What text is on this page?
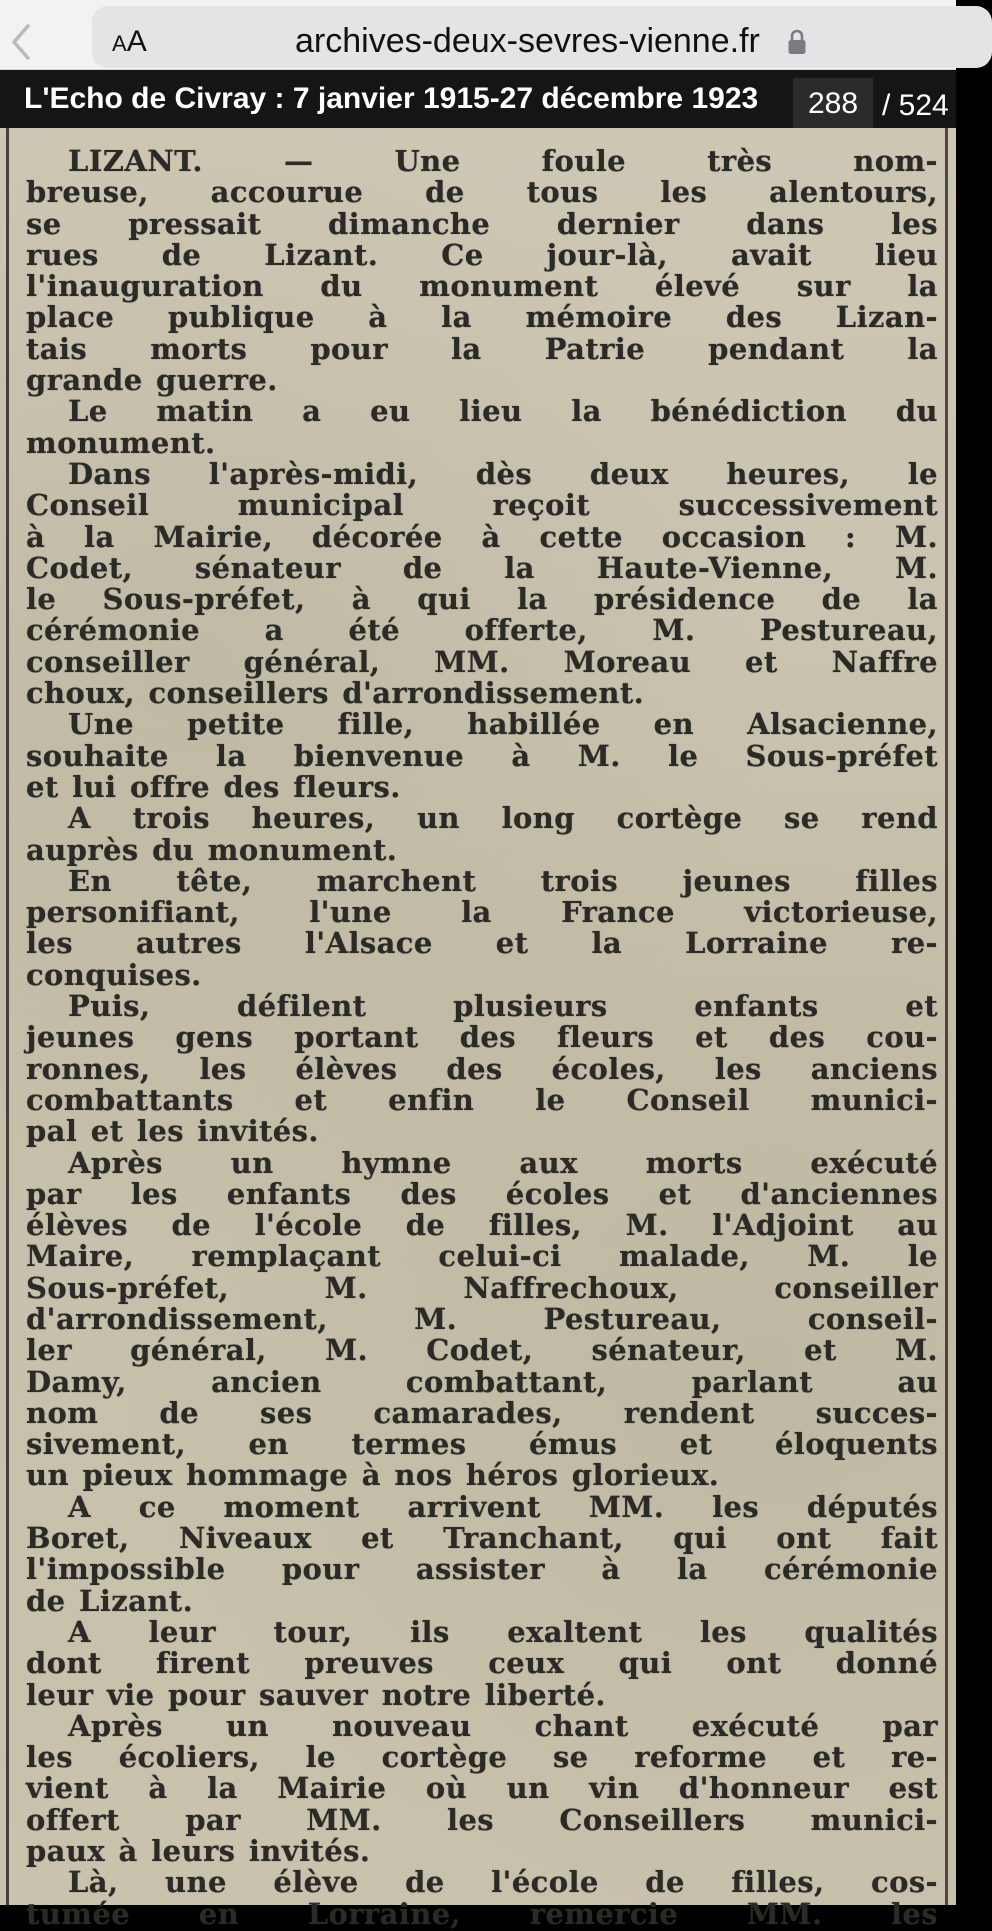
AA	archives-deux-sevres-vienne.fr
L'Echo de Civray : 7 janvier 1915-27 décembre 1923	288 / 524
LIZANT. — Une foule très nom-
breuse, accourue de tous les alentours,
se pressait dimanche dernier dans les
rues de Lizant. Ce jour-là, avait lieu
l'inauguration du monument élevé sur la
place publique à la mémoire des Lizan-
tais morts pour la Patrie pendant la
grande guerre.
Le matin a eu lieu la bénédiction du
monument.
Dans l'après-midi, dès deux heures, le
Conseil municipal reçoit successivement
à la Mairie, décorée à cette occasion : M.
Codet, sénateur de la Haute-Vienne, M.
le Sous-préfet, à qui la présidence de la
cérémonie a été offerte, M. Pestureau,
conseiller général, MM. Moreau et Naffre
choux, conseillers d'arrondissement.
Une petite fille, habillée en Alsacienne,
souhaite la bienvenue à M. le Sous-préfet
et lui offre des fleurs.
A trois heures, un long cortège se rend
auprès du monument.
En tête, marchent trois jeunes filles
personifiant, l'une la France victorieuse,
les autres l'Alsace et la Lorraine re-
conquises.
Puis, défilent plusieurs enfants et
jeunes gens portant des fleurs et des cou-
ronnes, les élèves des écoles, les anciens
combattants et enfin le Conseil munici-
pal et les invités.
Après un hymne aux morts exécuté
par les enfants des écoles et d'anciennes
élèves de l'école de filles, M. l'Adjoint au
Maire, remplaçant celui-ci malade, M. le
Sous-préfet, M. Naffrechoux, conseiller
d'arrondissement, M. Pestureau, conseil-
ler général, M. Codet, sénateur, et M.
Damy, ancien combattant, parlant au
nom de ses camarades, rendent succes-
sivement, en termes émus et éloquents
un pieux hommage à nos héros glorieux.
A ce moment arrivent MM. les députés
Boret, Niveaux et Tranchant, qui ont fait
l'impossible pour assister à la cérémonie
de Lizant.
A leur tour, ils exaltent les qualités
dont firent preuves ceux qui ont donné
leur vie pour sauver notre liberté.
Après un nouveau chant exécuté par
les écoliers, le cortège se reforme et re-
vient à la Mairie où un vin d'honneur est
offert par MM. les Conseillers munici-
paux à leurs invités.
Là, une élève de l'école de filles, cos-
tumée en Lorraine, remercie MM. les
